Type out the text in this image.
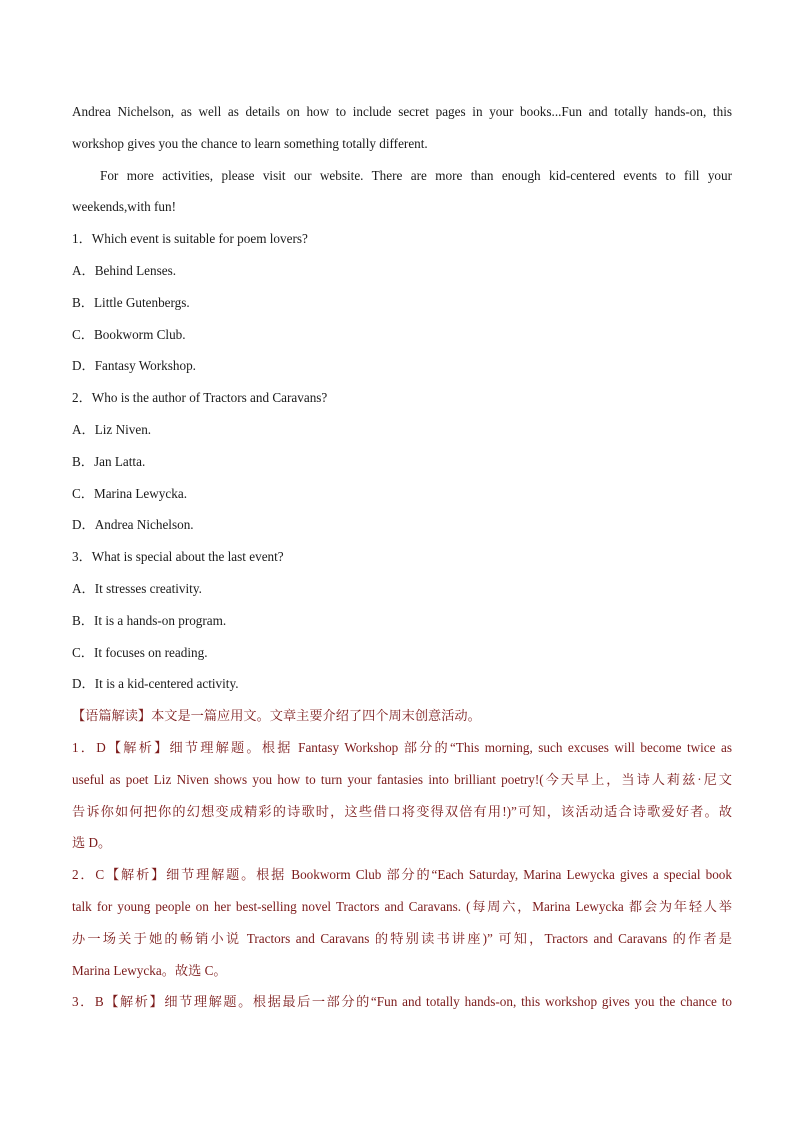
Andrea Nichelson, as well as details on how to include secret pages in your books...Fun and totally hands-on, this
workshop gives you the chance to learn something totally different.
For more activities, please visit our website. There are more than enough kid-centered events to fill your
weekends,with fun!
1．Which event is suitable for poem lovers?
A．Behind Lenses.
B．Little Gutenbergs.
C．Bookworm Club.
D．Fantasy Workshop.
2．Who is the author of Tractors and Caravans?
A．Liz Niven.
B．Jan Latta.
C．Marina Lewycka.
D．Andrea Nichelson.
3．What is special about the last event?
A．It stresses creativity.
B．It is a hands-on program.
C．It focuses on reading.
D．It is a kid-centered activity.
【语篇解读】本文是一篇应用文。文章主要介绍了四个周末创意活动。
1．D【解析】细节理解题。根据 Fantasy Workshop 部分的“This morning, such excuses will become twice as
useful as poet Liz Niven shows you how to turn your fantasies into brilliant poetry!(今天早上，当诗人莉兹·尼文
告诉你如何把你的幻想变成精彩的诗歌时，这些借口将变得双倍有用!)”可知，该活动适合诗歌爱好者。故
选 D。
2．C【解析】细节理解题。根据 Bookworm Club 部分的“Each Saturday, Marina Lewycka gives a special book
talk for young people on her best-selling novel Tractors and Caravans. (每周六，Marina Lewycka 都会为年轻人举
办一场关于她的畅销小说 Tractors and Caravans 的特别读书讲座)” 可知，Tractors and Caravans 的作者是
Marina Lewycka。故选 C。
3．B【解析】细节理解题。根据最后一部分的“Fun and totally hands-on, this workshop gives you the chance to
